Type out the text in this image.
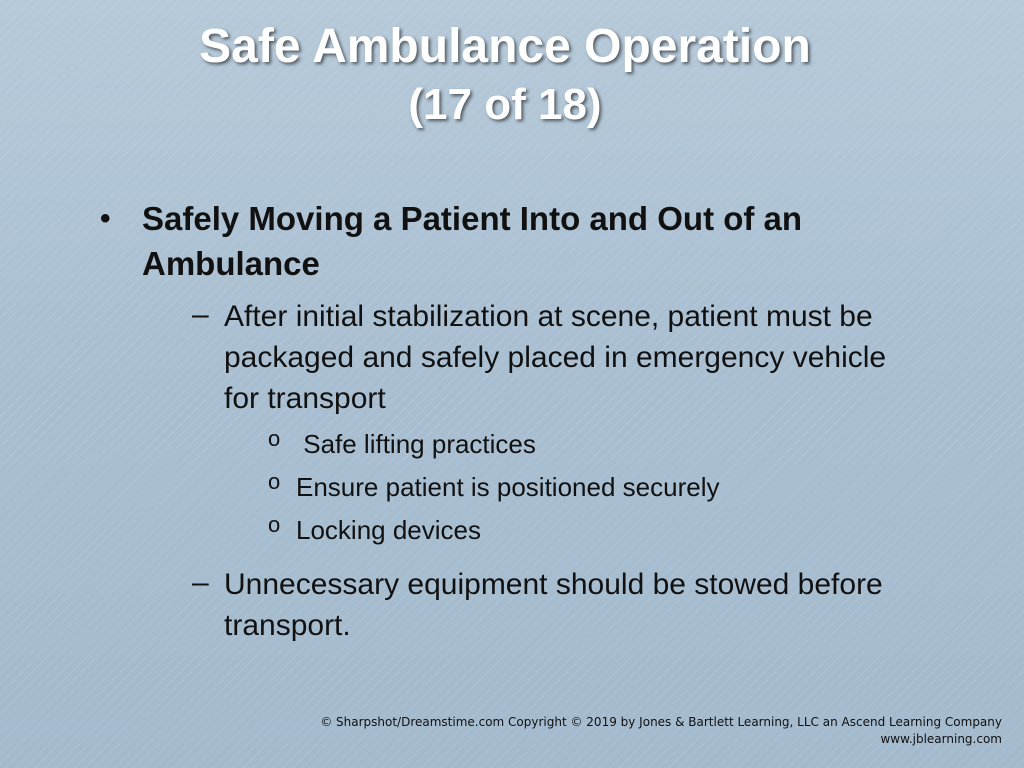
Safe Ambulance Operation
(17 of 18)
• Safely Moving a Patient Into and Out of an Ambulance
– After initial stabilization at scene, patient must be packaged and safely placed in emergency vehicle for transport
o Safe lifting practices
o Ensure patient is positioned securely
o Locking devices
– Unnecessary equipment should be stowed before transport.
© Sharpshot/Dreamstime.com Copyright © 2019 by Jones & Bartlett Learning, LLC an Ascend Learning Company
www.jblearning.com
